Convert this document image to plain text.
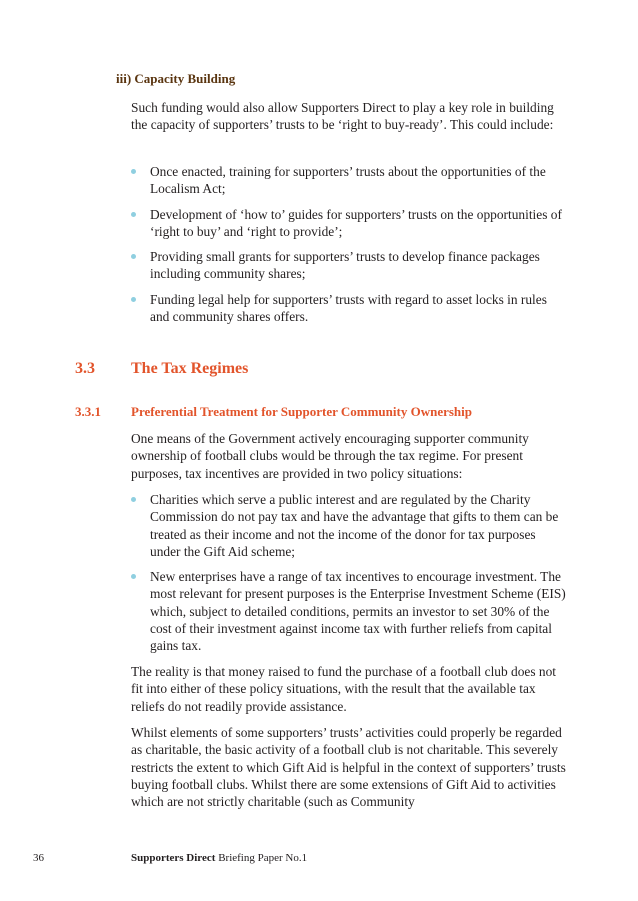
iii) Capacity Building
Such funding would also allow Supporters Direct to play a key role in building the capacity of supporters’ trusts to be ‘right to buy-ready’. This could include:
Once enacted, training for supporters’ trusts about the opportunities of the Localism Act;
Development of ‘how to’ guides for supporters’ trusts on the opportunities of ‘right to buy’ and ‘right to provide’;
Providing small grants for supporters’ trusts to develop finance packages including community shares;
Funding legal help for supporters’ trusts with regard to asset locks in rules and community shares offers.
3.3 The Tax Regimes
3.3.1 Preferential Treatment for Supporter Community Ownership
One means of the Government actively encouraging supporter community ownership of football clubs would be through the tax regime. For present purposes, tax incentives are provided in two policy situations:
Charities which serve a public interest and are regulated by the Charity Commission do not pay tax and have the advantage that gifts to them can be treated as their income and not the income of the donor for tax purposes under the Gift Aid scheme;
New enterprises have a range of tax incentives to encourage investment. The most relevant for present purposes is the Enterprise Investment Scheme (EIS) which, subject to detailed conditions, permits an investor to set 30% of the cost of their investment against income tax with further reliefs from capital gains tax.
The reality is that money raised to fund the purchase of a football club does not fit into either of these policy situations, with the result that the available tax reliefs do not readily provide assistance.
Whilst elements of some supporters’ trusts’ activities could properly be regarded as charitable, the basic activity of a football club is not charitable. This severely restricts the extent to which Gift Aid is helpful in the context of supporters’ trusts buying football clubs. Whilst there are some extensions of Gift Aid to activities which are not strictly charitable (such as Community
36	Supporters Direct Briefing Paper No.1
